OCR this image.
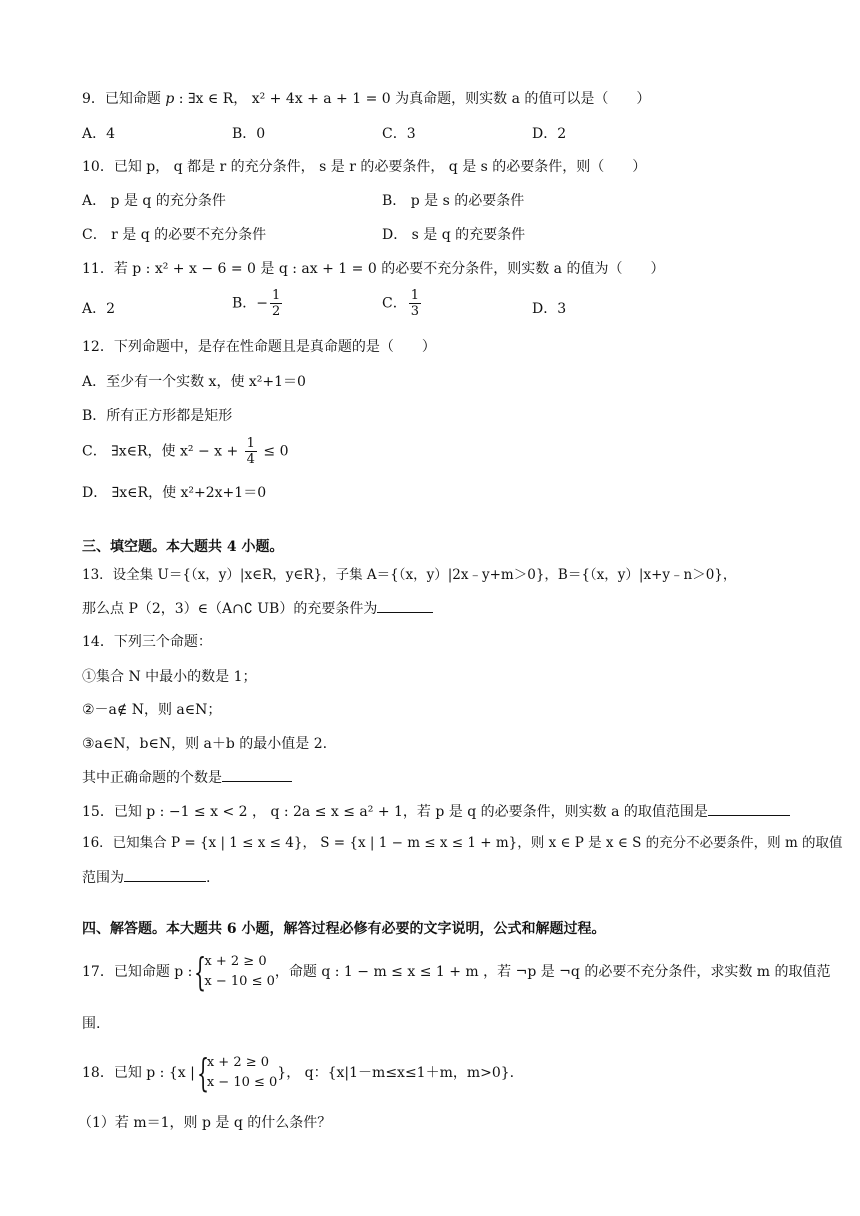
9．已知命题 p : ∃x ∈ R， x² + 4x + a + 1 = 0 为真命题，则实数 a 的值可以是（　　）
A．4	B．0	C．3	D．2
10．已知 p， q 都是 r 的充分条件， s 是 r 的必要条件， q 是 s 的必要条件，则（　　）
A． p 是 q 的充分条件	B． p 是 s 的必要条件
C． r 是 q 的必要不充分条件	D． s 是 q 的充要条件
11．若 p : x² + x − 6 = 0 是 q : ax + 1 = 0 的必要不充分条件，则实数 a 的值为（　　）
A．2	B．− $\frac{1}{2}$	C． $\frac{1}{3}$	D．3
12．下列命题中，是存在性命题且是真命题的是（　　）
A．至少有一个实数 x，使 x²+1＝0
B．所有正方形都是矩形
C． ∃x∈R，使 $x^2 - x + \frac{1}{4} \le 0$
D． ∃x∈R，使 x²+2x+1＝0
三、填空题。本大题共 4 小题。
13．设全集 U＝{（x，y）|x∈R，y∈R}，子集 A＝{（x，y）|2x﹣y+m＞0}，B＝{（x，y）|x+y﹣n＞0}，
那么点 P（2，3）∈（A∩∁ UB）的充要条件为
14．下列三个命题：
①集合 N 中最小的数是 1；
②－a∉ N，则 a∈N；
③a∈N，b∈N，则 a＋b 的最小值是 2.
其中正确命题的个数是
15．已知 p : −1 ≤ x < 2 ， q : 2a ≤ x ≤ a² + 1，若 p 是 q 的必要条件，则实数 a 的取值范围是
16．已知集合 P = {x | 1 ≤ x ≤ 4}， S = {x | 1 − m ≤ x ≤ 1 + m}，则 x ∈ P 是 x ∈ S 的充分不必要条件，则 m 的取值
范围为	.
四、解答题。本大题共 6 小题，解答过程必修有必要的文字说明，公式和解题过程。
17．已知命题 p : {
x + 2 ≥ 0
x − 10 ≤ 0
，命题 q : 1 − m ≤ x ≤ 1 + m ，若 ¬p 是 ¬q 的必要不充分条件，求实数 m 的取值范
围.
18．已知 p : {x | {
x + 2 ≥ 0
x − 10 ≤ 0
}， q：{x|1－m≤x≤1＋m，m>0}.
（1）若 m＝1，则 p 是 q 的什么条件？
